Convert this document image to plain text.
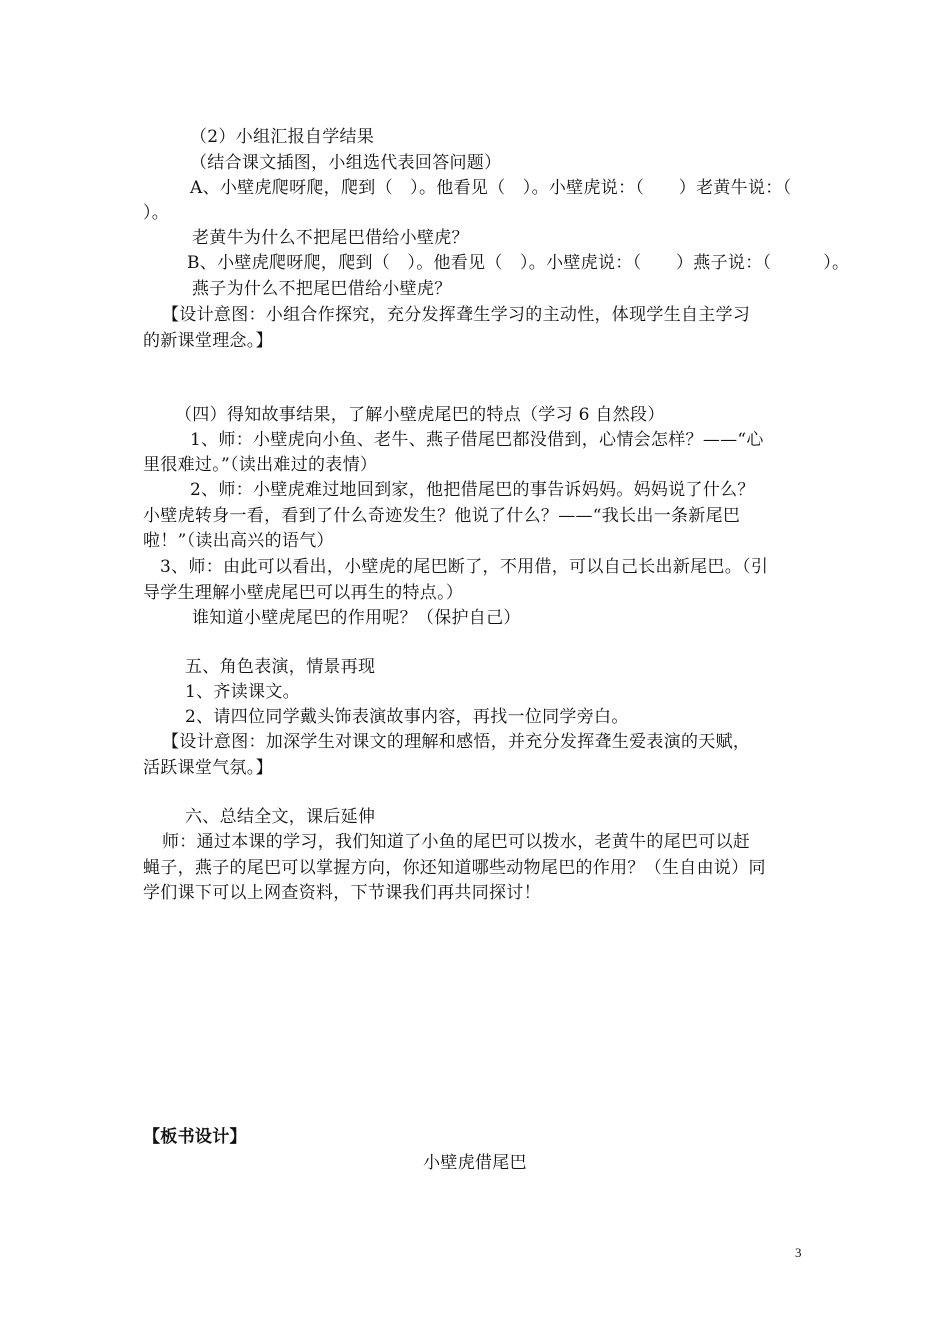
（2）小组汇报自学结果
（结合课文插图，小组选代表回答问题）
A、小壁虎爬呀爬，爬到（　）。他看见（　）。小壁虎说：（　　）老黄牛说：（
）。
老黄牛为什么不把尾巴借给小壁虎？
B、小壁虎爬呀爬，爬到（　）。他看见（　）。小壁虎说：（　　）燕子说：（　　　）。
燕子为什么不把尾巴借给小壁虎？
【设计意图：小组合作探究，充分发挥聋生学习的主动性，体现学生自主学习
的新课堂理念。】
（四）得知故事结果，了解小壁虎尾巴的特点（学习 6 自然段）
1、师：小壁虎向小鱼、老牛、燕子借尾巴都没借到，心情会怎样？——“心
里很难过。”（读出难过的表情）
2、师：小壁虎难过地回到家，他把借尾巴的事告诉妈妈。妈妈说了什么？
小壁虎转身一看，看到了什么奇迹发生？他说了什么？——“我长出一条新尾巴
啦！”（读出高兴的语气）
3、师：由此可以看出，小壁虎的尾巴断了，不用借，可以自己长出新尾巴。（引
导学生理解小壁虎尾巴可以再生的特点。）
谁知道小壁虎尾巴的作用呢？（保护自己）
五、角色表演，情景再现
1、齐读课文。
2、请四位同学戴头饰表演故事内容，再找一位同学旁白。
【设计意图：加深学生对课文的理解和感悟，并充分发挥聋生爱表演的天赋，
活跃课堂气氛。】
六、总结全文，课后延伸
师：通过本课的学习，我们知道了小鱼的尾巴可以拨水，老黄牛的尾巴可以赶
蝇子，燕子的尾巴可以掌握方向，你还知道哪些动物尾巴的作用？（生自由说）同
学们课下可以上网查资料，下节课我们再共同探讨！
【板书设计】
小壁虎借尾巴
3
